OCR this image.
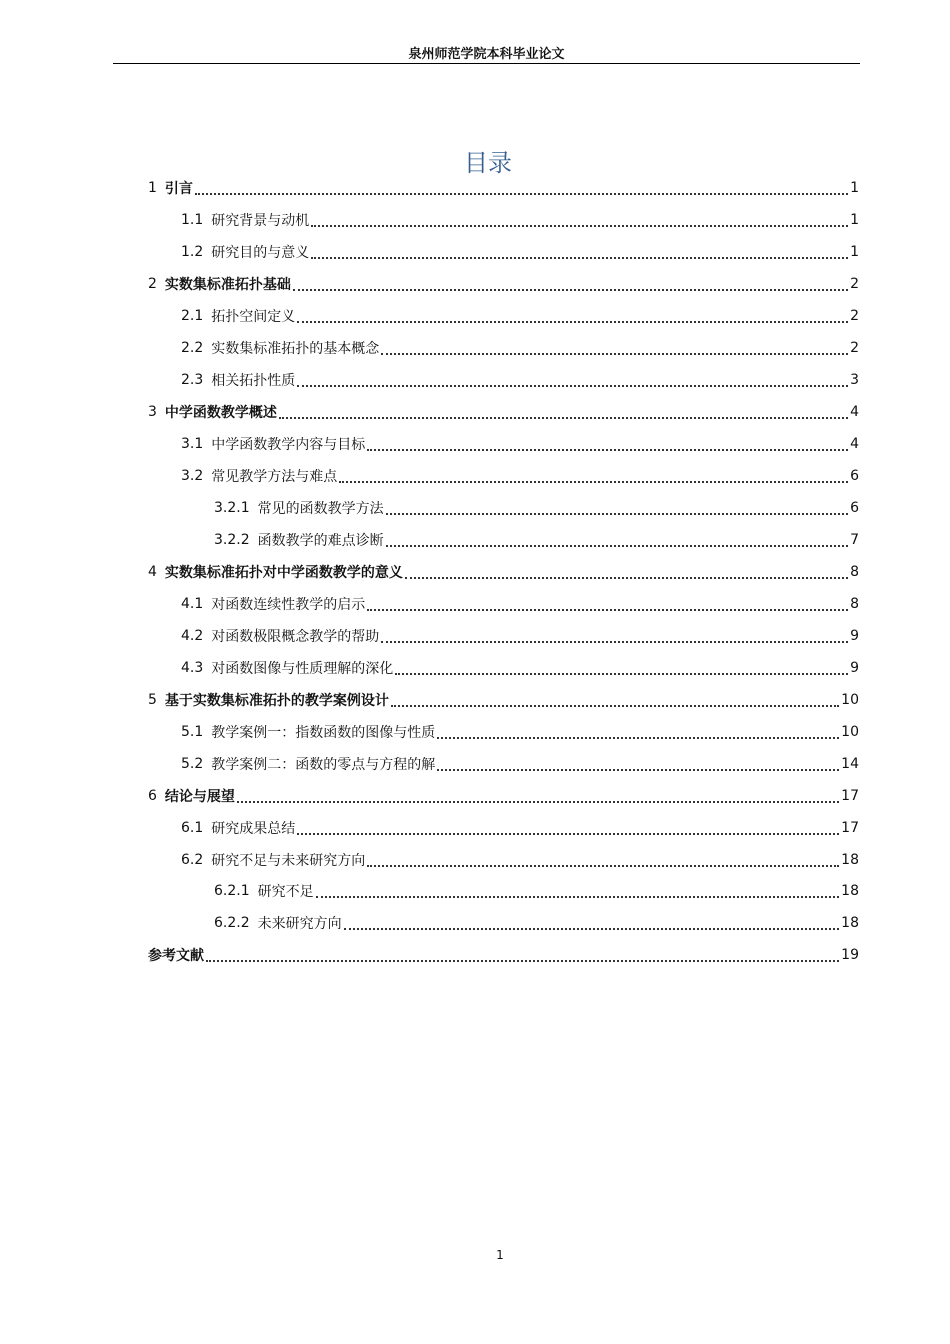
泉州师范学院本科毕业论文
目录
1 引言	1
1.1 研究背景与动机	1
1.2 研究目的与意义	1
2 实数集标准拓扑基础	2
2.1 拓扑空间定义	2
2.2 实数集标准拓扑的基本概念	2
2.3 相关拓扑性质	3
3 中学函数教学概述	4
3.1 中学函数教学内容与目标	4
3.2 常见教学方法与难点	6
3.2.1 常见的函数教学方法	6
3.2.2 函数教学的难点诊断	7
4 实数集标准拓扑对中学函数教学的意义	8
4.1 对函数连续性教学的启示	8
4.2 对函数极限概念教学的帮助	9
4.3 对函数图像与性质理解的深化	9
5 基于实数集标准拓扑的教学案例设计	10
5.1 教学案例一：指数函数的图像与性质	10
5.2 教学案例二：函数的零点与方程的解	14
6 结论与展望	17
6.1 研究成果总结	17
6.2 研究不足与未来研究方向	18
6.2.1 研究不足	18
6.2.2 未来研究方向	18
参考文献	19
1
